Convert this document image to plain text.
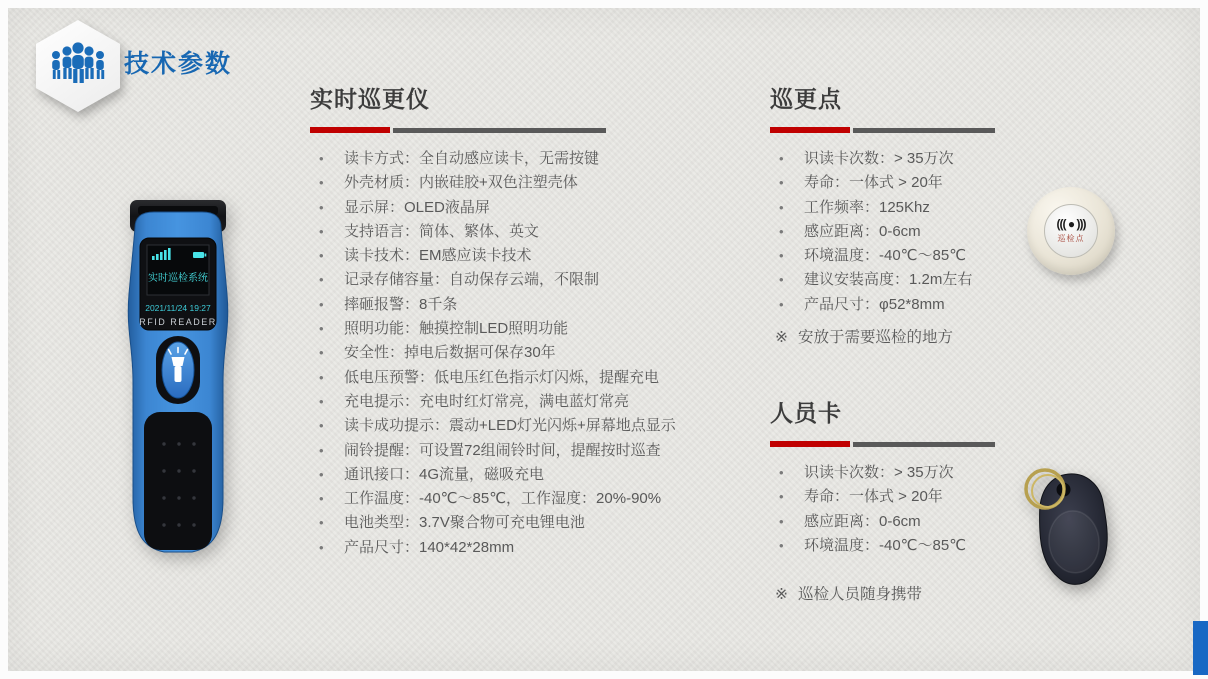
技术参数
实时巡检系统
2021/11/24 19:27
RFID READER
实时巡更仪
•	读卡方式：全自动感应读卡，无需按键
•	外壳材质：内嵌硅胶+双色注塑壳体
•	显示屏：OLED液晶屏
•	支持语言：简体、繁体、英文
•	读卡技术：EM感应读卡技术
•	记录存储容量：自动保存云端，不限制
•	摔砸报警：8千条
•	照明功能：触摸控制LED照明功能
•	安全性：掉电后数据可保存30年
•	低电压预警：低电压红色指示灯闪烁，提醒充电
•	充电提示：充电时红灯常亮，满电蓝灯常亮
•	读卡成功提示：震动+LED灯光闪烁+屏幕地点显示
•	闹铃提醒：可设置72组闹铃时间，提醒按时巡查
•	通讯接口：4G流量，磁吸充电
•	工作温度：-40℃～85℃，工作湿度：20%-90%
•	电池类型：3.7V聚合物可充电锂电池
•	产品尺寸：140*42*28mm
巡更点
•	识读卡次数：> 35万次
•	寿命：一体式 > 20年
•	工作频率：125Khz
•	感应距离：0-6cm
•	环境温度：-40℃～85℃
•	建议安装高度：1.2m左右
•	产品尺寸：φ52*8mm
※ 安放于需要巡检的地方
((( ● )))
巡检点
人员卡
•	识读卡次数：> 35万次
•	寿命：一体式 > 20年
•	感应距离：0-6cm
•	环境温度：-40℃～85℃
※ 巡检人员随身携带
